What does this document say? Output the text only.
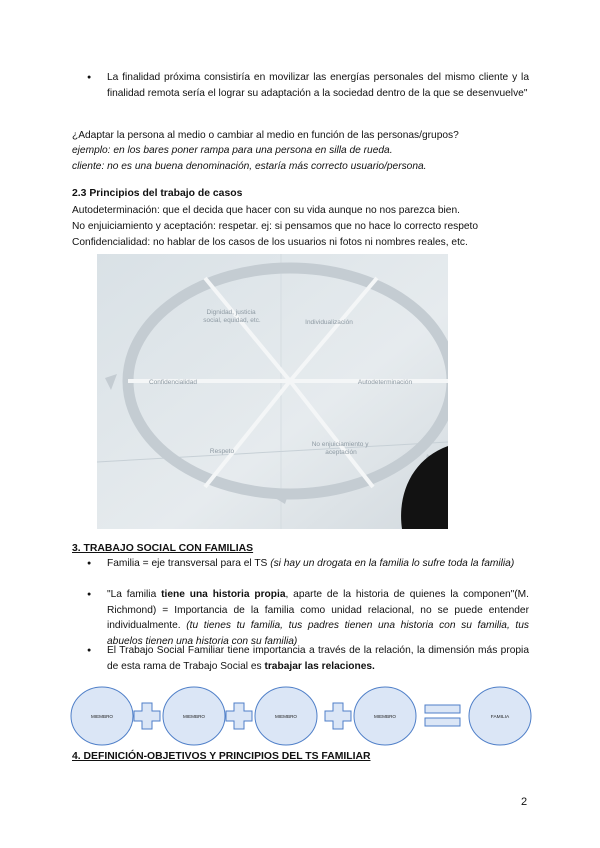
● La finalidad próxima consistiría en movilizar las energías personales del mismo cliente y la finalidad remota sería el lograr su adaptación a la sociedad dentro de la que se desenvuelve"
¿Adaptar la persona al medio o cambiar al medio en función de las personas/grupos?
ejemplo: en los bares poner rampa para una persona en silla de rueda.
cliente: no es una buena denominación, estaría más correcto usuario/persona.
2.3 Principios del trabajo de casos
Autodeterminación: que el decida que hacer con su vida aunque no nos parezca bien.
No enjuiciamiento y aceptación: respetar. ej: si pensamos que no hace lo correcto respeto
Confidencialidad: no hablar de los casos de los usuarios ni fotos ni nombres reales, etc.
Dignidad, justicia social, equidad, etc.	Individualización
Autodeterminación
No enjuiciamiento y aceptación
Respeto
Confidencialidad
3. TRABAJO SOCIAL CON FAMILIAS
● Familia = eje transversal para el TS (si hay un drogata en la familia lo sufre toda la familia)
● "La familia tiene una historia propia, aparte de la historia de quienes la componen"(M. Richmond) = Importancia de la familia como unidad relacional, no se puede entender individualmente. (tu tienes tu familia, tus padres tienen una historia con su familia, tus abuelos tienen una historia con su familia)
● El Trabajo Social Familiar tiene importancia a través de la relación, la dimensión más propia de esta rama de Trabajo Social es trabajar las relaciones.
MIEMBRO	MIEMBRO	MIEMBRO	MIEMBRO	FAMILIA
4. DEFINICIÓN-OBJETIVOS Y PRINCIPIOS DEL TS FAMILIAR
2
